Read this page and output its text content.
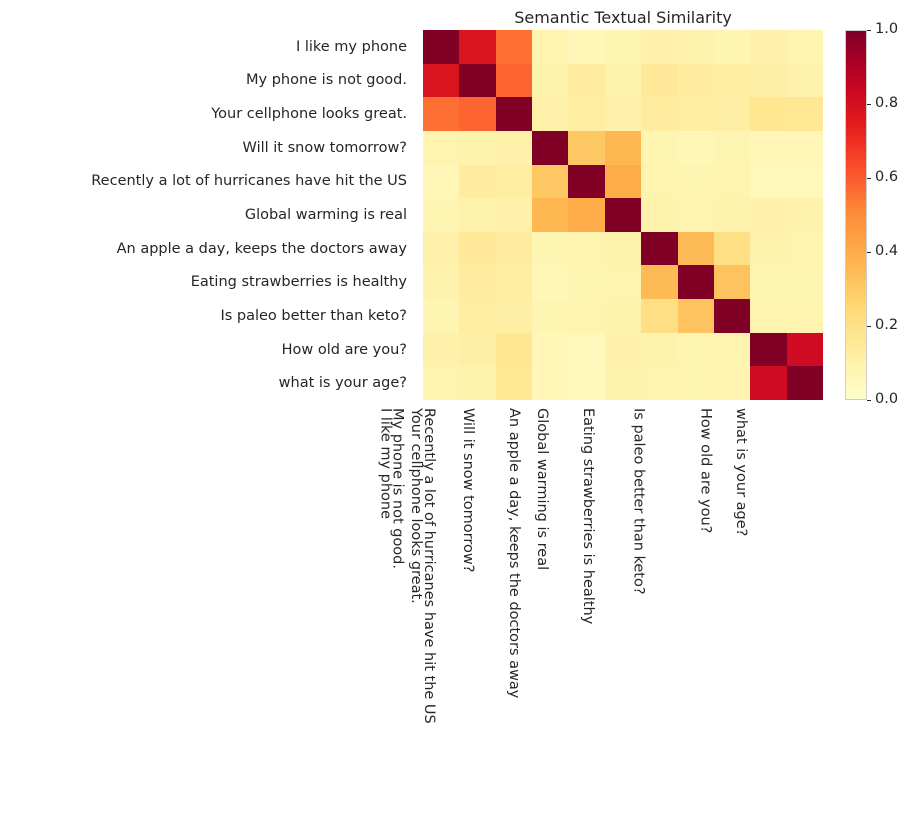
Semantic Textual Similarity
I like my phone
My phone is not good.
Your cellphone looks great.
Will it snow tomorrow?
Recently a lot of hurricanes have hit the US
Global warming is real
An apple a day, keeps the doctors away
Eating strawberries is healthy
Is paleo better than keto?
How old are you?
what is your age?
I like my phone
My phone is not good. Your cellphone looks great. Will it snow tomorrow?
Recently a lot of hurricanes have hit the US	Global warming is real
An apple a day, keeps the doctors away	Eating strawberries is healthy Is paleo better than keto?	How old are you? what is your age?
1.0
0.8
0.6
0.4
0.2
0.0
